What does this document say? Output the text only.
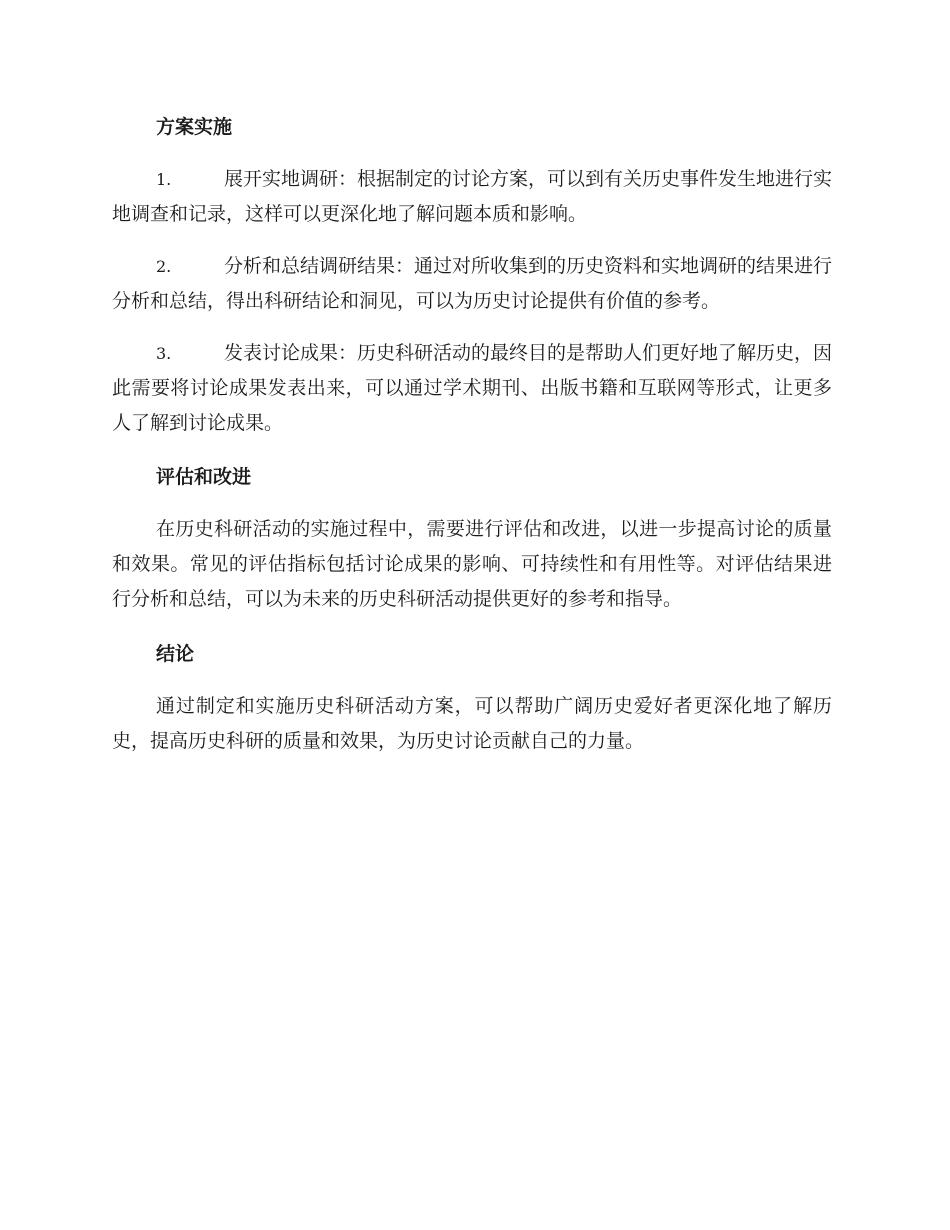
方案实施
1.	展开实地调研：根据制定的讨论方案，可以到有关历史事件发生地进行实地调查和记录，这样可以更深化地了解问题本质和影响。
2.	分析和总结调研结果：通过对所收集到的历史资料和实地调研的结果进行分析和总结，得出科研结论和洞见，可以为历史讨论提供有价值的参考。
3.	发表讨论成果：历史科研活动的最终目的是帮助人们更好地了解历史，因此需要将讨论成果发表出来，可以通过学术期刊、出版书籍和互联网等形式，让更多人了解到讨论成果。
评估和改进
在历史科研活动的实施过程中，需要进行评估和改进，以进一步提高讨论的质量和效果。常见的评估指标包括讨论成果的影响、可持续性和有用性等。对评估结果进行分析和总结，可以为未来的历史科研活动提供更好的参考和指导。
结论
通过制定和实施历史科研活动方案，可以帮助广阔历史爱好者更深化地了解历史，提高历史科研的质量和效果，为历史讨论贡献自己的力量。
